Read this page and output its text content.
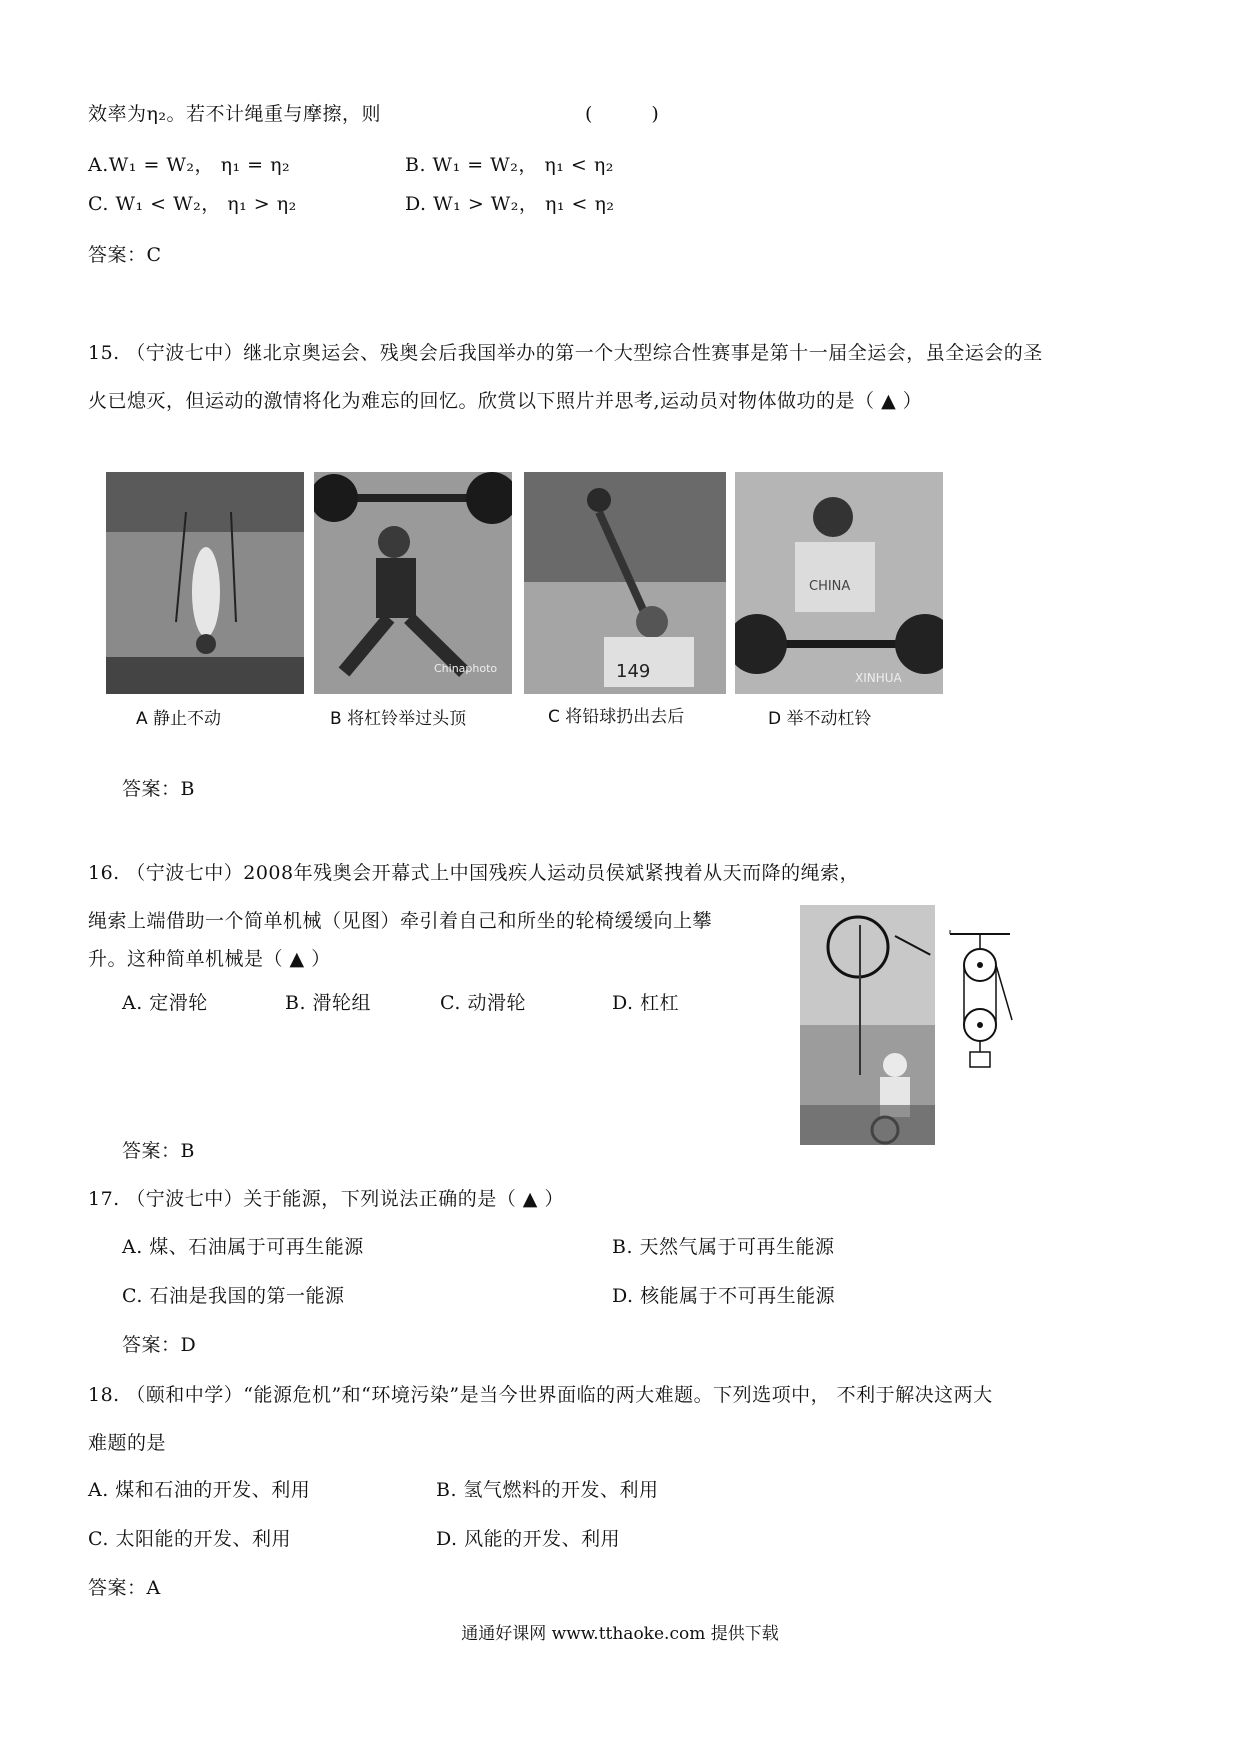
效率为η₂。若不计绳重与摩擦，则	(　　　)
A.W₁ = W₂， η₁ = η₂	B. W₁ = W₂， η₁ < η₂
C. W₁ < W₂， η₁ > η₂	D. W₁ > W₂， η₁ < η₂
答案：C
15. （宁波七中）继北京奥运会、残奥会后我国举办的第一个大型综合性赛事是第十一届全运会，虽全运会的圣
火已熄灭，但运动的激情将化为难忘的回忆。欣赏以下照片并思考,运动员对物体做功的是（ ▲ ）
Chinaphoto	149
CHINA
XINHUA
A 静止不动	B 将杠铃举过头顶	C 将铅球扔出去后	D 举不动杠铃
答案：B
16. （宁波七中）2008年残奥会开幕式上中国残疾人运动员侯斌紧拽着从天而降的绳索，
绳索上端借助一个简单机械（见图）牵引着自己和所坐的轮椅缓缓向上攀
升。这种简单机械是（ ▲ ）
A. 定滑轮	B. 滑轮组	C. 动滑轮	D. 杠杠
答案：B
17. （宁波七中）关于能源，下列说法正确的是（ ▲ ）
A. 煤、石油属于可再生能源	B. 天然气属于可再生能源
C. 石油是我国的第一能源	D. 核能属于不可再生能源
答案：D
18. （颐和中学）“能源危机”和“环境污染”是当今世界面临的两大难题。下列选项中， 不利于解决这两大
难题的是
A. 煤和石油的开发、利用	B. 氢气燃料的开发、利用
C. 太阳能的开发、利用	D. 风能的开发、利用
答案：A
通通好课网 www.tthaoke.com 提供下载
